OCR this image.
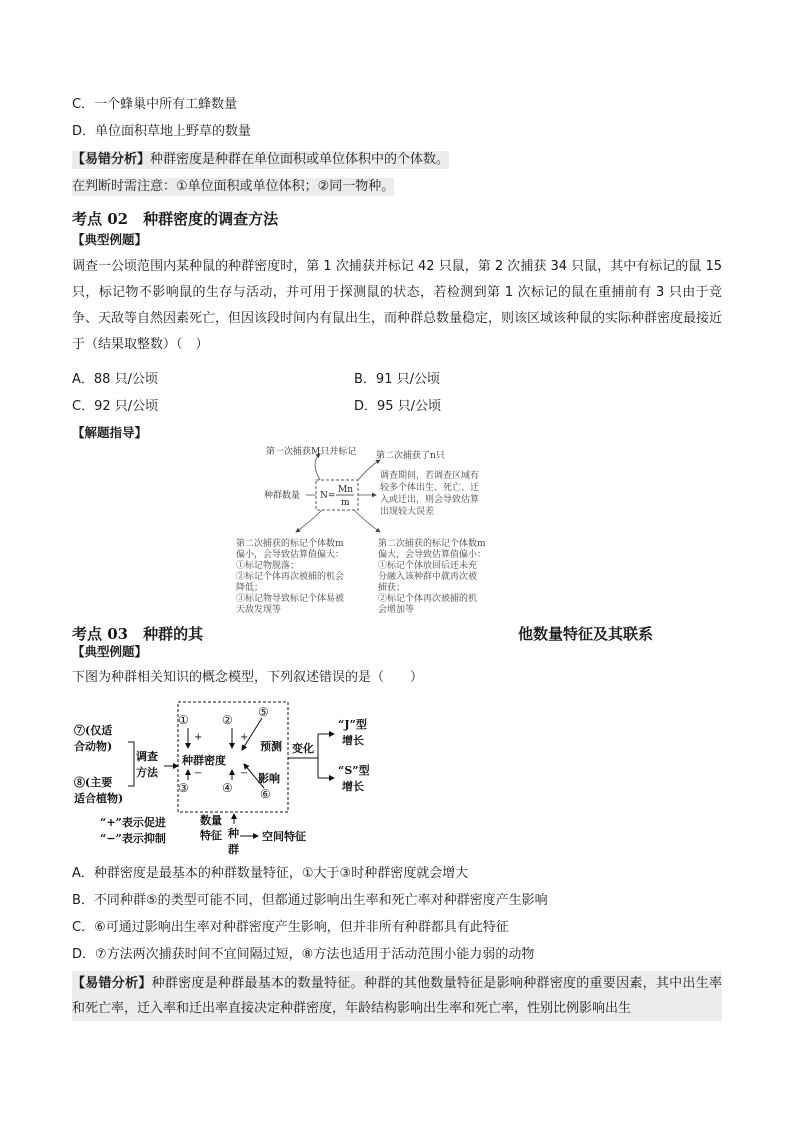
C．一个蜂巢中所有工蜂数量
D．单位面积草地上野草的数量
【易错分析】种群密度是种群在单位面积或单位体积中的个体数。
在判断时需注意：①单位面积或单位体积；②同一物种。
考点 02　种群密度的调查方法
【典型例题】
调查一公顷范围内某种鼠的种群密度时，第 1 次捕获并标记 42 只鼠，第 2 次捕获 34 只鼠，其中有标记的鼠 15 只，标记物不影响鼠的生存与活动，并可用于探测鼠的状态，若检测到第 1 次标记的鼠在重捕前有 3 只由于竞争、天敌等自然因素死亡，但因该段时间内有鼠出生，而种群总数量稳定，则该区域该种鼠的实际种群密度最接近于（结果取整数）（　）
A．88 只/公顷	B．91 只/公顷
C．92 只/公顷	D．95 只/公顷
【解题指导】
第一次捕获M只并标记 第二次捕获了n只
种群数量 N=
Mn
m
调查期间，若调查区域有
较多个体出生、死亡、迁
入或迁出，则会导致估算
出现较大误差
第二次捕获的标记个体数m
偏小，会导致估算值偏大：
①标记物脱落；
②标记个体再次被捕的机会
降低；
③标记物导致标记个体易被
天敌发现等
第二次捕获的标记个体数m
偏大，会导致估算值偏小：
①标记个体放回后还未充
分融入该种群中就再次被
捕获；
②标记个体再次被捕的机
会增加等
考点 03　种群的其	他数量特征及其联系
【典型例题】
下图为种群相关知识的概念模型，下列叙述错误的是（　　）
⑦(仅适
合动物)
⑧(主要
适合植物)
调查
方法
①	②
⑤
③	④ ⑥
种群密度
预测
影响
+	+
−	−
变化
“J”型
增长
“S”型
增长
数量
特征 种
群
空间特征
“+”表示促进
“−”表示抑制
A．种群密度是最基本的种群数量特征，①大于③时种群密度就会增大
B．不同种群⑤的类型可能不同，但都通过影响出生率和死亡率对种群密度产生影响
C．⑥可通过影响出生率对种群密度产生影响，但并非所有种群都具有此特征
D．⑦方法两次捕获时间不宜间隔过短，⑧方法也适用于活动范围小能力弱的动物
【易错分析】种群密度是种群最基本的数量特征。种群的其他数量特征是影响种群密度的重要因素，其中出生率和死亡率，迁入率和迁出率直接决定种群密度，年龄结构影响出生率和死亡率，性别比例影响出生
